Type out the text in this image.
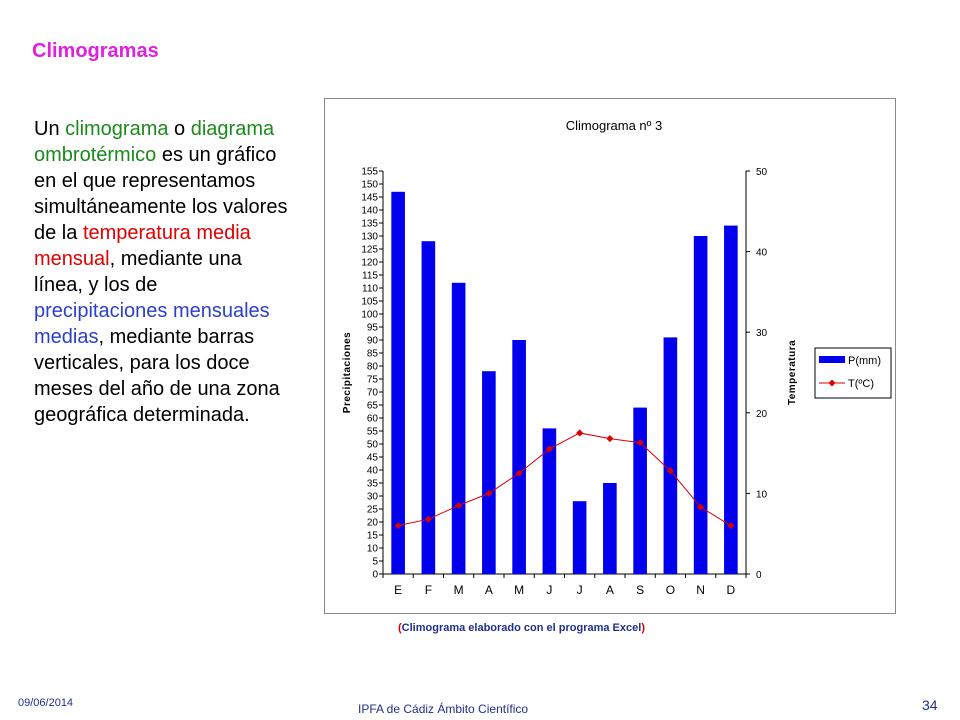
Climogramas
Un climograma o diagrama ombrotérmico es un gráfico en el que representamos simultáneamente los valores de la temperatura media mensual, mediante una línea, y los de precipitaciones mensuales medias, mediante barras verticales, para los doce meses del año de una zona geográfica determinada.
Climograma nº 3
0
5
10
15
20
25
30
35
40
45
50
55
60
65
70
75
80
85
90
95
100
105
110
115
120
125
130
135
140
145
150
155
0
10
20
30
40
50
Precipitaciones	Temperatura
E F M A M J J A S O N D
P(mm)
T(ºC)
(Climograma elaborado con el programa Excel)
09/06/2014	IPFA de Cádiz Ámbito Científico	34
